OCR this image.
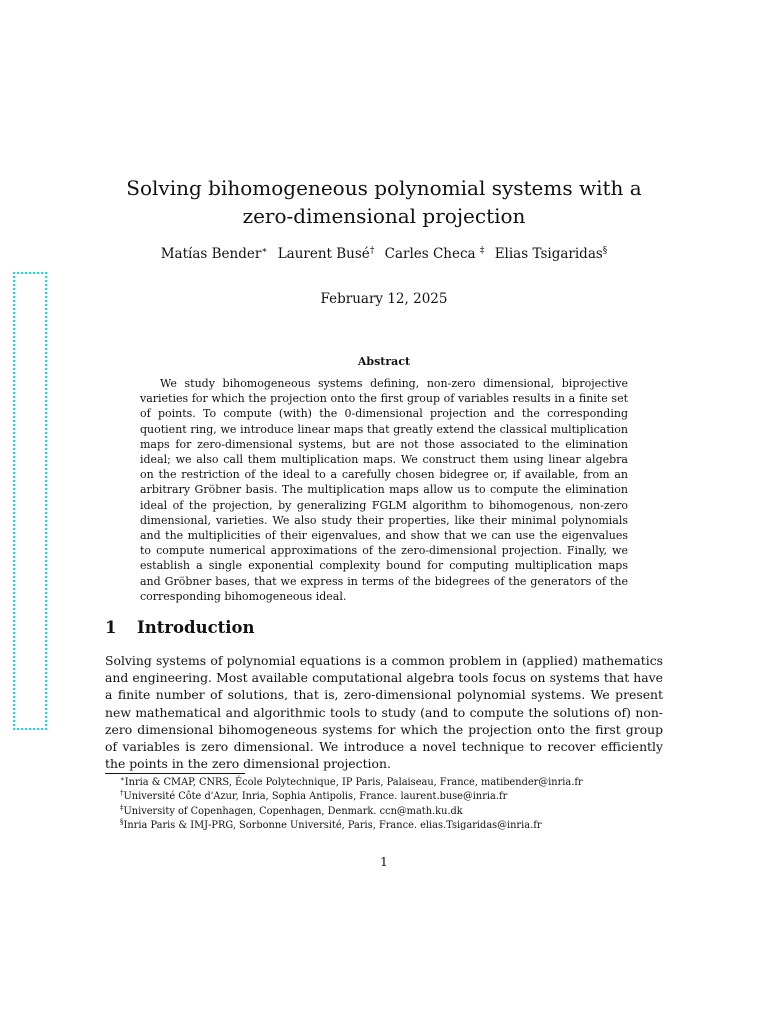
Solving bihomogeneous polynomial systems with a
zero-dimensional projection
Matías Bender∗ Laurent Busé† Carles Checa ‡ Elias Tsigaridas§
February 12, 2025
Abstract

We study bihomogeneous systems defining, non-zero dimensional, biprojective varieties for which the projection onto the first group of variables results in a finite set of points. To compute (with) the 0-dimensional projection and the corresponding quotient ring, we introduce linear maps that greatly extend the classical multiplication maps for zero-dimensional systems, but are not those associated to the elimination ideal; we also call them multiplication maps. We construct them using linear algebra on the restriction of the ideal to a carefully chosen bidegree or, if available, from an arbitrary Gröbner basis. The multiplication maps allow us to compute the elimination ideal of the projection, by generalizing FGLM algorithm to bihomogenous, non-zero dimensional, varieties. We also study their properties, like their minimal polynomials and the multiplicities of their eigenvalues, and show that we can use the eigenvalues to compute numerical approximations of the zero-dimensional projection. Finally, we establish a single exponential complexity bound for computing multiplication maps and Gröbner bases, that we express in terms of the bidegrees of the generators of the corresponding bihomogeneous ideal.

1 Introduction

Solving systems of polynomial equations is a common problem in (applied) mathematics and engineering. Most available computational algebra tools focus on systems that have a finite number of solutions, that is, zero-dimensional polynomial systems. We present new mathematical and algorithmic tools to study (and to compute the solutions of) non-zero dimensional bihomogeneous systems for which the projection onto the first group of variables is zero dimensional. We introduce a novel technique to recover efficiently the points in the zero dimensional projection.

∗Inria & CMAP, CNRS, École Polytechnique, IP Paris, Palaiseau, France, matibender@inria.fr
†Université Côte d'Azur, Inria, Sophia Antipolis, France. laurent.buse@inria.fr
‡University of Copenhagen, Copenhagen, Denmark. ccn@math.ku.dk
§Inria Paris & IMJ-PRG, Sorbonne Université, Paris, France. elias.Tsigaridas@inria.fr
1
